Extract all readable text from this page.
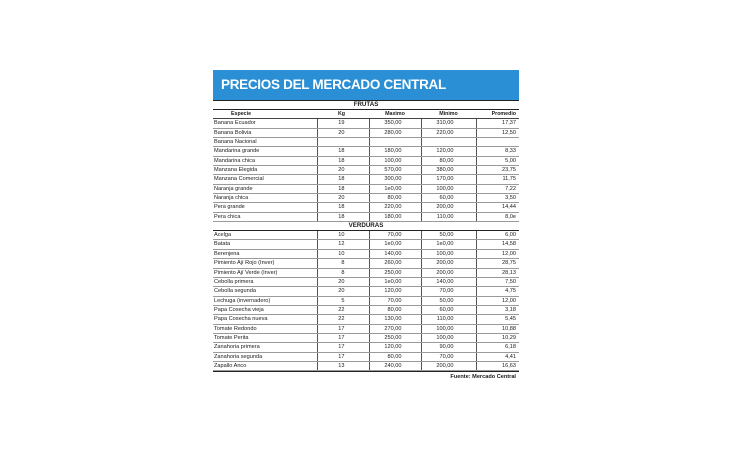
PRECIOS DEL MERCADO CENTRAL
FRUTAS				
Especie	Kg	Maximo	Minimo	Promedio
Banana Ecuador	19	350,00	310,00	17,37
Banana Bolivia	20	280,00	220,00	12,50
Banana Nacional				
Mandarina grande	18	180,00	120,00	8,33
Mandarina chica	18	100,00	80,00	5,00
Manzana Elegida	20	570,00	380,00	23,75
Manzana Comercial	18	300,00	170,00	11,75
Naranja grande	18	1e0,00	100,00	7,22
Naranja chica	20	80,00	60,00	3,50
Pera grande	18	220,00	200,00	14,44
Pera chica	18	180,00	110,00	8,0e
VERDURAS				
Acelga	10	70,00	50,00	6,00
Batata	12	1e0,00	1e0,00	14,58
Berenjena	10	140,00	100,00	12,00
Pimiento Ají Rojo (Inver)	8	260,00	200,00	28,75
Pimiento Ají Verde (Inver)	8	250,00	200,00	28,13
Cebolla primera	20	1e0,00	140,00	7,50
Cebolla segunda	20	120,00	70,00	4,75
Lechuga (invernadero)	5	70,00	50,00	12,00
Papa Cosecha vieja	22	80,00	60,00	3,18
Papa Cosecha nueva	22	130,00	110,00	5,45
Tomate Redondo	17	270,00	100,00	10,88
Tomate Perita	17	250,00	100,00	10,29
Zanahoria primera	17	120,00	90,00	6,18
Zanahoria segunda	17	80,00	70,00	4,41
Zapallo Anco	13	240,00	200,00	16,63
Fuente: Mercado Central
